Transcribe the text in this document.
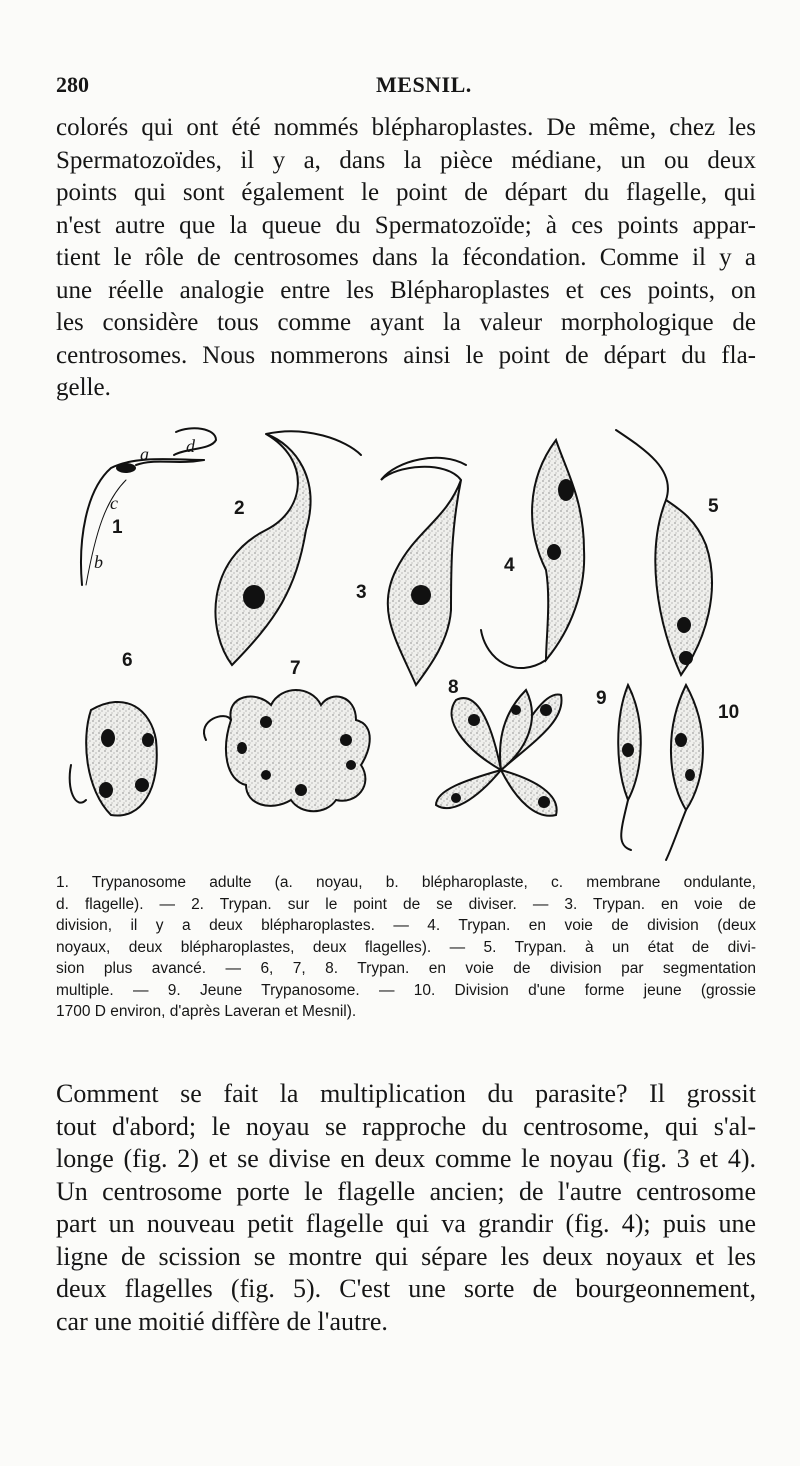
280	MESNIL.
colorés qui ont été nommés blépharoplastes. De même, chez les
Spermatozoïdes, il y a, dans la pièce médiane, un ou deux
points qui sont également le point de départ du flagelle, qui
n'est autre que la queue du Spermatozoïde; à ces points appar-
tient le rôle de centrosomes dans la fécondation. Comme il y a
une réelle analogie entre les Blépharoplastes et ces points, on
les considère tous comme ayant la valeur morphologique de
centrosomes. Nous nommerons ainsi le point de départ du fla-
gelle.
1
2
3
4
5
6	7
8
9
10
a
b
c
d
1. Trypanosome adulte (a. noyau, b. blépharoplaste, c. membrane ondulante,
d. flagelle). — 2. Trypan. sur le point de se diviser. — 3. Trypan. en voie de
division, il y a deux blépharoplastes. — 4. Trypan. en voie de division (deux
noyaux, deux blépharoplastes, deux flagelles). — 5. Trypan. à un état de divi-
sion plus avancé. — 6, 7, 8. Trypan. en voie de division par segmentation
multiple. — 9. Jeune Trypanosome. — 10. Division d'une forme jeune (grossie
1700 D environ, d'après Laveran et Mesnil).
Comment se fait la multiplication du parasite? Il grossit
tout d'abord; le noyau se rapproche du centrosome, qui s'al-
longe (fig. 2) et se divise en deux comme le noyau (fig. 3 et 4).
Un centrosome porte le flagelle ancien; de l'autre centrosome
part un nouveau petit flagelle qui va grandir (fig. 4); puis une
ligne de scission se montre qui sépare les deux noyaux et les
deux flagelles (fig. 5). C'est une sorte de bourgeonnement,
car une moitié diffère de l'autre.
